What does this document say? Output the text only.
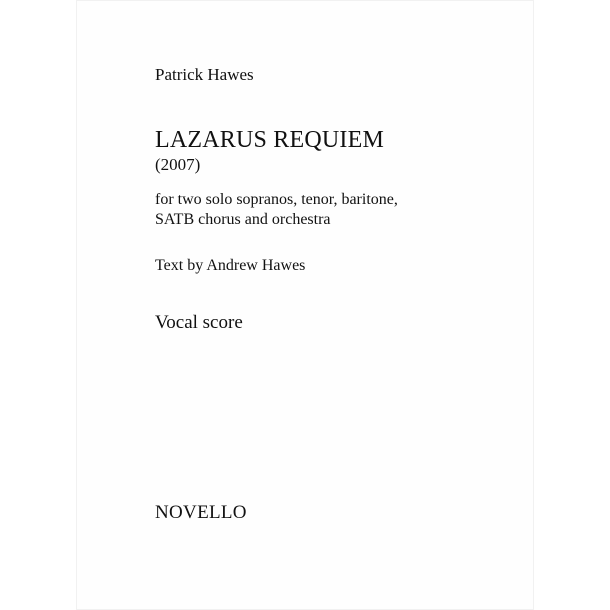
Patrick Hawes
LAZARUS REQUIEM
(2007)
for two solo sopranos, tenor, baritone,
SATB chorus and orchestra
Text by Andrew Hawes
Vocal score
NOVELLO
